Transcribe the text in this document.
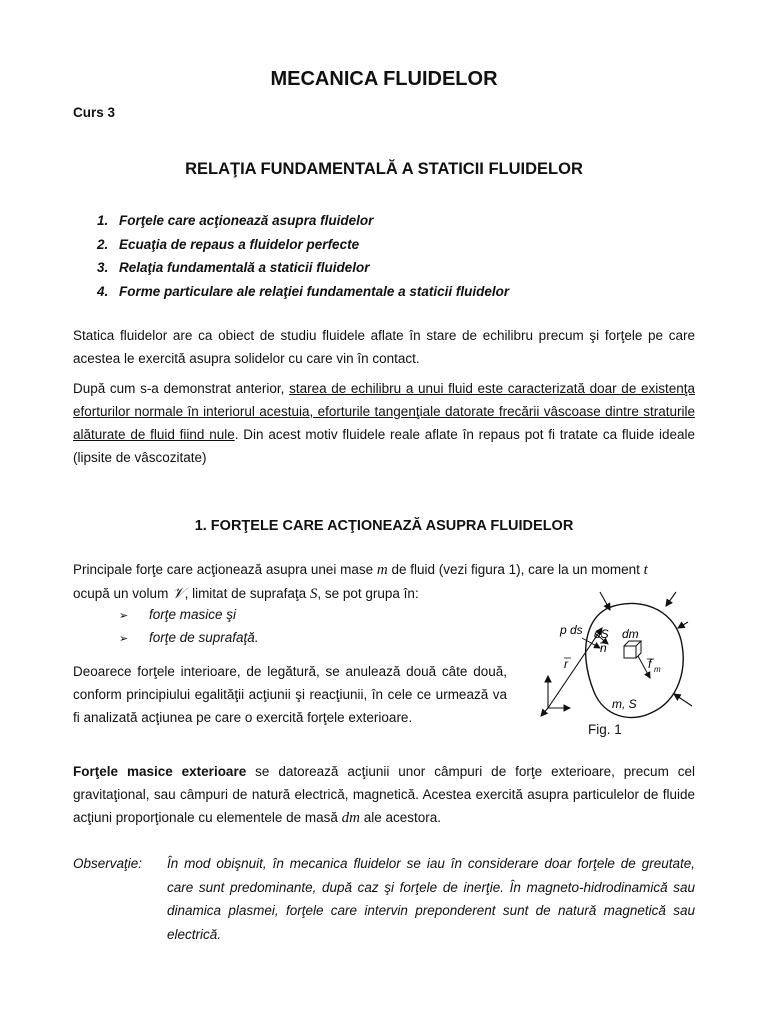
MECANICA FLUIDELOR
Curs 3
RELAŢIA FUNDAMENTALĂ A STATICII FLUIDELOR
1. Forţele care acţionează asupra fluidelor
2. Ecuaţia de repaus a fluidelor perfecte
3. Relaţia fundamentală a staticii fluidelor
4. Forme particulare ale relaţiei fundamentale a staticii fluidelor

Statica fluidelor are ca obiect de studiu fluidele aflate în stare de echilibru precum şi forţele pe care acestea le exercită asupra solidelor cu care vin în contact.

După cum s-a demonstrat anterior, starea de echilibru a unui fluid este caracterizată doar de existenţa eforturilor normale în interiorul acestuia, eforturile tangenţiale datorate frecării vâscoase dintre straturile alăturate de fluid fiind nule. Din acest motiv fluidele reale aflate în repaus pot fi tratate ca fluide ideale (lipsite de vâscozitate)

1. FORŢELE CARE ACŢIONEAZĂ ASUPRA FLUIDELOR

Principale forţe care acţionează asupra unei mase m de fluid (vezi figura 1), care la un moment t
ocupă un volum 𝒱, limitat de suprafaţa S, se pot grupa în:

➢ forţe masice şi
➢ forţe de suprafaţă.

Deoarece forţele interioare, de legătură, se anulează două câte două, conform principiului egalităţii acţiunii şi reacţiunii, în cele ce urmează va fi analizată acţiunea pe care o exercită forţele exterioare.

r
p ds dS
n
dm
f m
m, S
Fig. 1

Forţele masice exterioare se datorează acţiunii unor câmpuri de forţe exterioare, precum cel gravitaţional, sau câmpuri de natură electrică, magnetică. Acestea exercită asupra particulelor de fluide acţiuni proporţionale cu elementele de masă dm ale acestora.

Observaţie: În mod obişnuit, în mecanica fluidelor se iau în considerare doar forţele de greutate, care sunt predominante, după caz şi forţele de inerţie. În magneto-hidrodinamică sau dinamica plasmei, forţele care intervin preponderent sunt de natură magnetică sau electrică.
